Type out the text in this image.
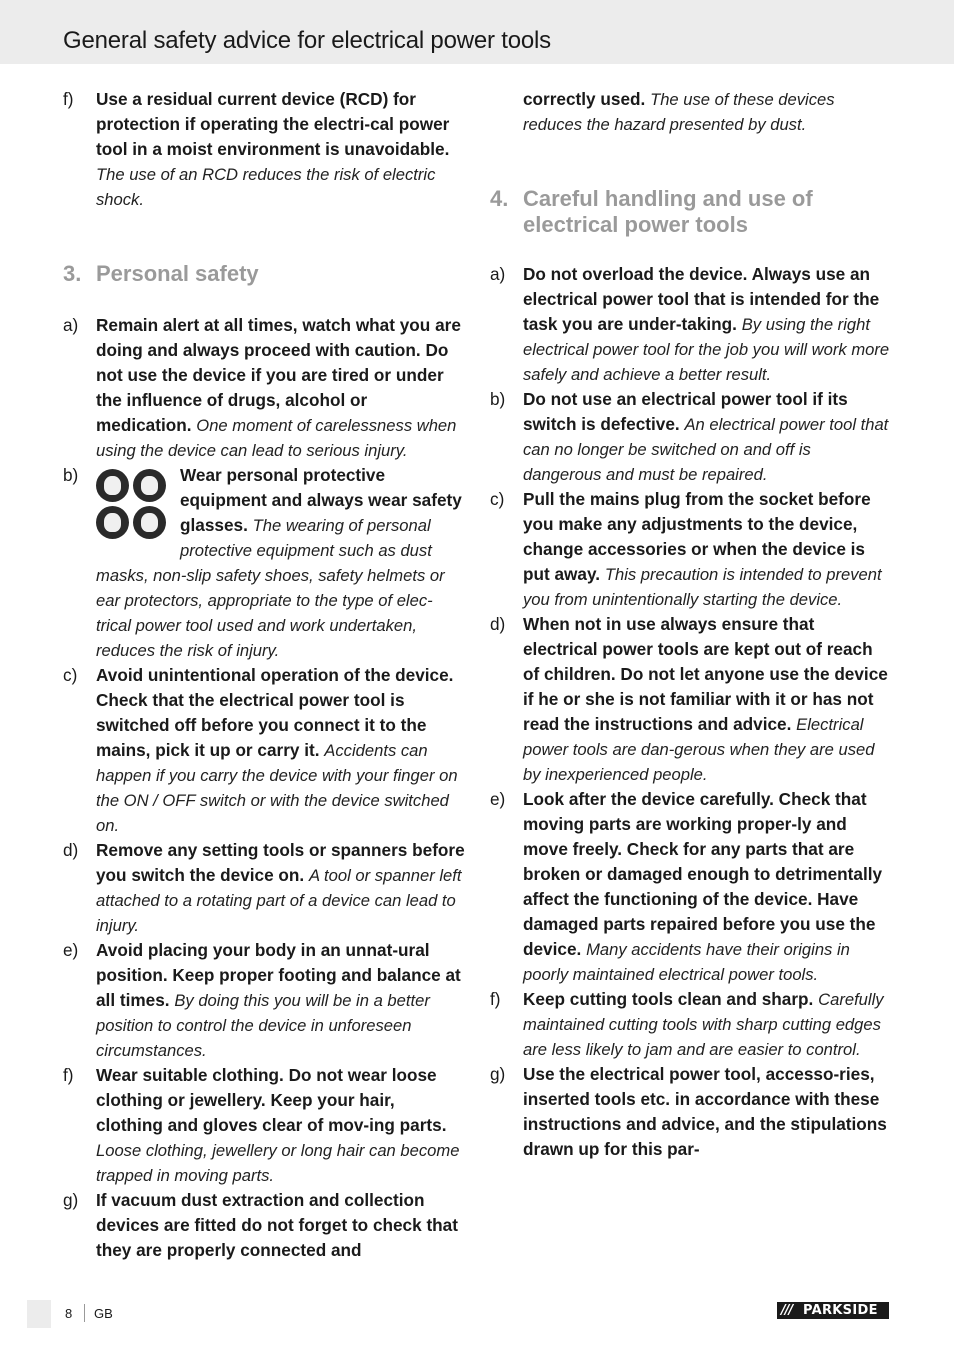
General safety advice for electrical power tools
f) Use a residual current device (RCD) for protection if operating the electri-cal power tool in a moist environment is unavoidable. The use of an RCD reduces the risk of electric shock.
3. Personal safety
a) Remain alert at all times, watch what you are doing and always proceed with caution. Do not use the device if you are tired or under the influence of drugs, alcohol or medication. One moment of carelessness when using the device can lead to serious injury.
b)	Wear personal protective equipment and always wear safety glasses. The wearing of personal protective equipment such as dust masks, non-slip safety shoes, safety helmets or ear protectors, appropriate to the type of elec-trical power tool used and work undertaken, reduces the risk of injury.
c) Avoid unintentional operation of the device. Check that the electrical power tool is switched off before you connect it to the mains, pick it up or carry it. Accidents can happen if you carry the device with your finger on the ON / OFF switch or with the device switched on.
d) Remove any setting tools or spanners before you switch the device on. A tool or spanner left attached to a rotating part of a device can lead to injury.
e) Avoid placing your body in an unnat-ural position. Keep proper footing and balance at all times. By doing this you will be in a better position to control the device in unforeseen circumstances.
f) Wear suitable clothing. Do not wear loose clothing or jewellery. Keep your hair, clothing and gloves clear of mov-ing parts. Loose clothing, jewellery or long hair can become trapped in moving parts.
g) If vacuum dust extraction and collection devices are fitted do not forget to check that they are properly connected and
correctly used. The use of these devices reduces the hazard presented by dust.
4. Careful handling and use of electrical power tools
a) Do not overload the device. Always use an electrical power tool that is intended for the task you are under-taking. By using the right electrical power tool for the job you will work more safely and achieve a better result.
b) Do not use an electrical power tool if its switch is defective. An electrical power tool that can no longer be switched on and off is dangerous and must be repaired.
c) Pull the mains plug from the socket before you make any adjustments to the device, change accessories or when the device is put away. This precaution is intended to prevent you from unintentionally starting the device.
d) When not in use always ensure that electrical power tools are kept out of reach of children. Do not let anyone use the device if he or she is not familiar with it or has not read the instructions and advice. Electrical power tools are dan-gerous when they are used by inexperienced people.
e) Look after the device carefully. Check that moving parts are working proper-ly and move freely. Check for any parts that are broken or damaged enough to detrimentally affect the functioning of the device. Have damaged parts repaired before you use the device. Many accidents have their origins in poorly maintained electrical power tools.
f) Keep cutting tools clean and sharp. Carefully maintained cutting tools with sharp cutting edges are less likely to jam and are easier to control.
g) Use the electrical power tool, accesso-ries, inserted tools etc. in accordance with these instructions and advice, and the stipulations drawn up for this par-
8 GB	/// PARKSIDE
